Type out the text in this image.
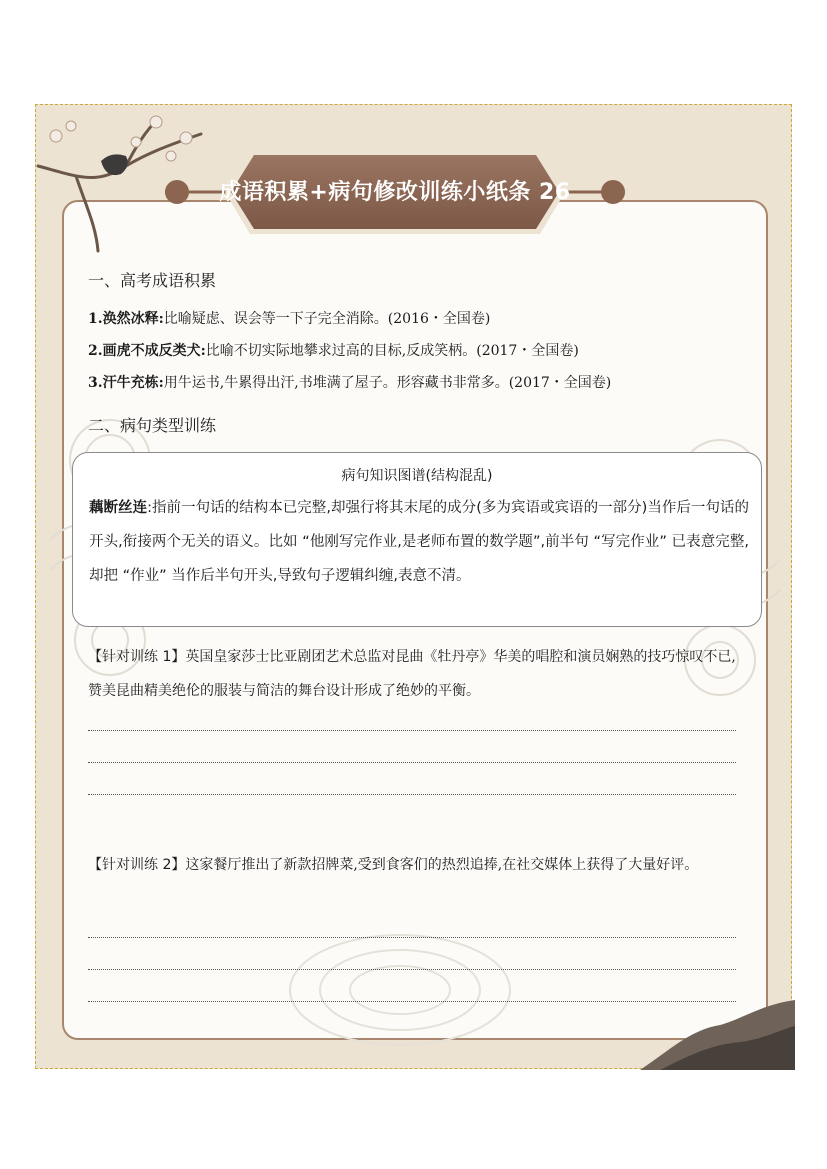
成语积累+病句修改训练小纸条 26
一、高考成语积累
1.涣然冰释:比喻疑虑、误会等一下子完全消除。(2016・全国卷)
2.画虎不成反类犬:比喻不切实际地攀求过高的目标,反成笑柄。(2017・全国卷)
3.汗牛充栋:用牛运书,牛累得出汗,书堆满了屋子。形容藏书非常多。(2017・全国卷)
二、病句类型训练
病句知识图谱(结构混乱)
藕断丝连:指前一句话的结构本已完整,却强行将其末尾的成分(多为宾语或宾语的一部分)当作后一句话的开头,衔接两个无关的语义。比如 “他刚写完作业,是老师布置的数学题”,前半句 “写完作业” 已表意完整,却把 “作业” 当作后半句开头,导致句子逻辑纠缠,表意不清。
【针对训练 1】英国皇家莎士比亚剧团艺术总监对昆曲《牡丹亭》华美的唱腔和演员娴熟的技巧惊叹不已,赞美昆曲精美绝伦的服装与简洁的舞台设计形成了绝妙的平衡。
【针对训练 2】这家餐厅推出了新款招牌菜,受到食客们的热烈追捧,在社交媒体上获得了大量好评。
